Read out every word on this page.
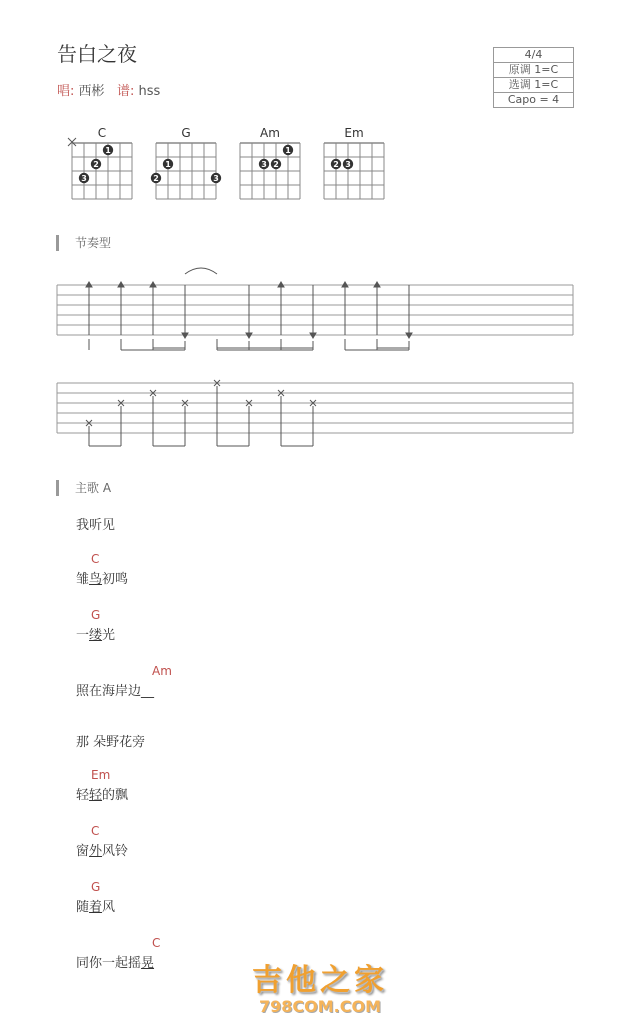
告白之夜
唱: 西彬 谱: hss
4/4
原调 1=C
选调 1=C
Capo = 4
C
2
1
3
G
1
2	3
Am
2
1
3
Em
2 3
节奏型
主歌 A
我听见
C
雏鸟初鸣
G
一缕光
Am
照在海岸边__
那 朵野花旁
Em
轻轻的飘
C
窗外风铃
G
随着风
C
同你一起摇晃	吉他之家
798COM.COM
